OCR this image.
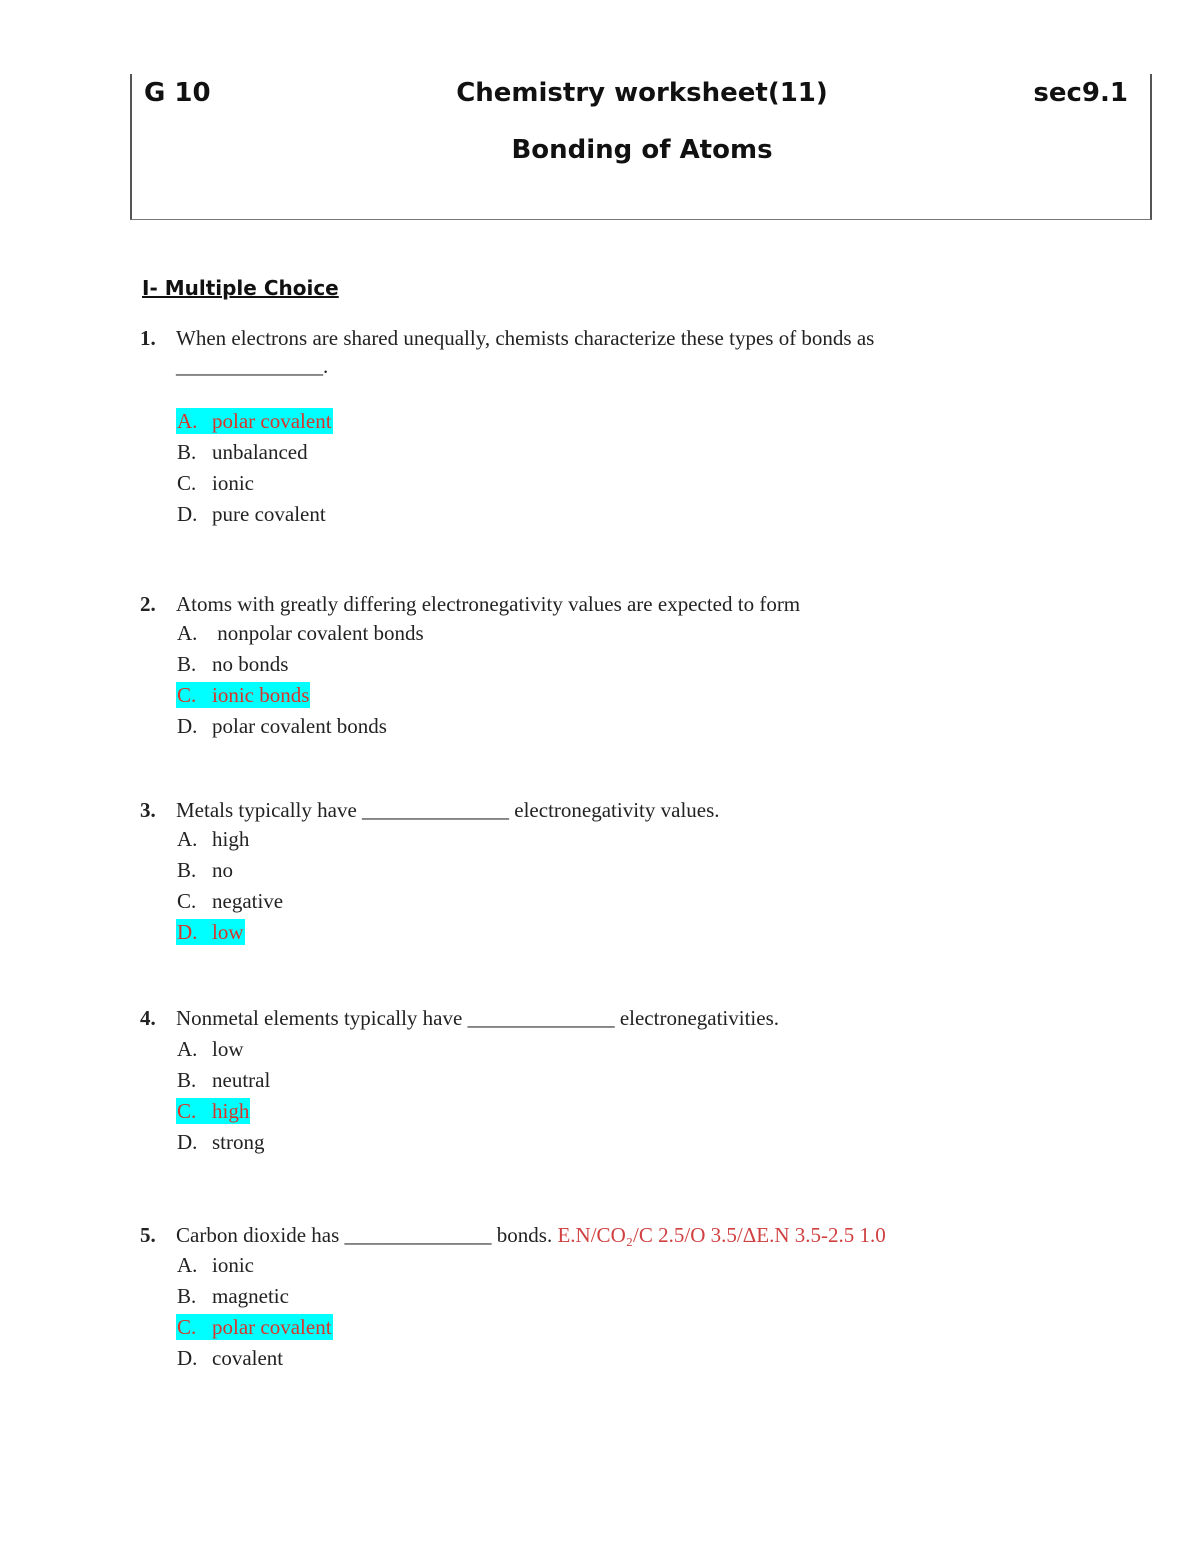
G 10	Chemistry worksheet(11)	sec9.1
Bonding of Atoms
I- Multiple Choice
1. When electrons are shared unequally, chemists characterize these types of bonds as
______________.
A. polar covalent
B. unbalanced
C. ionic
D. pure covalent
2. Atoms with greatly differing electronegativity values are expected to form
A. nonpolar covalent bonds
B. no bonds
C. ionic bonds
D. polar covalent bonds
3. Metals typically have ______________ electronegativity values.
A. high
B. no
C. negative
D. low
4. Nonmetal elements typically have ______________ electronegativities.
A. low
B. neutral
C. high
D. strong
5. Carbon dioxide has ______________ bonds. E.N/CO₂/C 2.5/O 3.5/ΔE.N 3.5-2.5 1.0
A. ionic
B. magnetic
C. polar covalent
D. covalent
